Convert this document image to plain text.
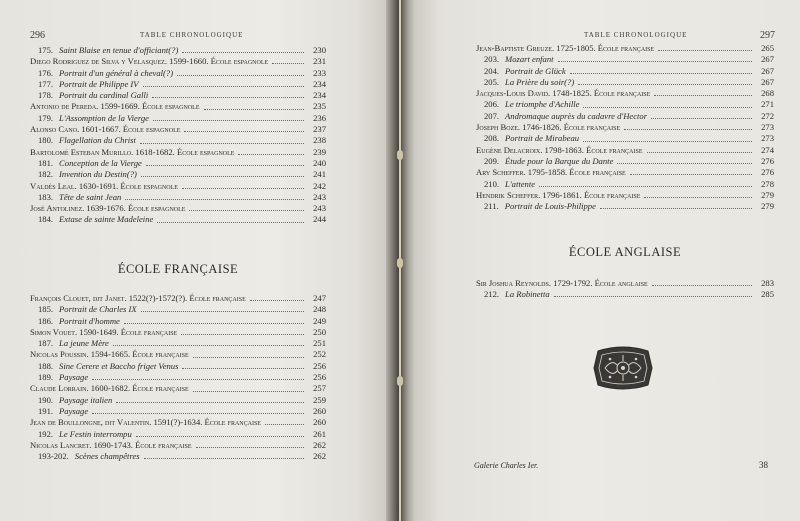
296	TABLE CHRONOLOGIQUE
175. Saint Blaise en tenue d'officiant(?)	230
Diego Rodriguez de Silva y Velasquez. 1599-1660. École espagnole	231
176. Portrait d'un général à cheval(?)	233
177. Portrait de Philippe IV	234
178. Portrait du cardinal Galli	234
Antonio de Pereda. 1599-1669. École espagnole	235
179. L'Assomption de la Vierge	236
Alonso Cano. 1601-1667. École espagnole	237
180. Flagellation du Christ	238
Bartolomé Esteban Murillo. 1618-1682. École espagnole	239
181. Conception de la Vierge	240
182. Invention du Destin(?)	241
Valdès Leal. 1630-1691. École espagnole	242
183. Tête de saint Jean	243
José Antolinez. 1639-1676. École espagnole	243
184. Extase de sainte Madeleine	244
ÉCOLE FRANÇAISE
François Clouet, dit Janet. 1522(?)-1572(?). École française	247
185. Portrait de Charles IX	248
186. Portrait d'homme	249
Simon Vouet. 1590-1649. École française	250
187. La jeune Mère	251
Nicolas Poussin. 1594-1665. École française	252
188. Sine Cerere et Baccho friget Venus	256
189. Paysage	256
Claude Lorrain. 1600-1682. École française	257
190. Paysage italien	259
191. Paysage	260
Jean de Boullongne, dit Valentin. 1591(?)-1634. École française	260
192. Le Festin interrompu	261
Nicolas Lancret. 1690-1743. École française	262
193-202. Scènes champêtres	262
TABLE CHRONOLOGIQUE	297
Jean-Baptiste Greuze. 1725-1805. École française	265
203. Mozart enfant	267
204. Portrait de Glück	267
205. La Prière du soir(?)	267
Jacques-Louis David. 1748-1825. École française	268
206. Le triomphe d'Achille	271
207. Andromaque auprès du cadavre d'Hector	272
Joseph Boze. 1746-1826. École française	273
208. Portrait de Mirabeau	273
Eugène Delacroix. 1798-1863. École française	274
209. Étude pour la Barque du Dante	276
Ary Scheffer. 1795-1858. École française	276
210. L'attente	278
Hendrik Scheffer. 1796-1861. École française	279
211. Portrait de Louis-Philippe	279
ÉCOLE ANGLAISE
Sir Joshua Reynolds. 1729-1792. École anglaise	283
212. La Robinetta	285
Galerie Charles Ier.	38
